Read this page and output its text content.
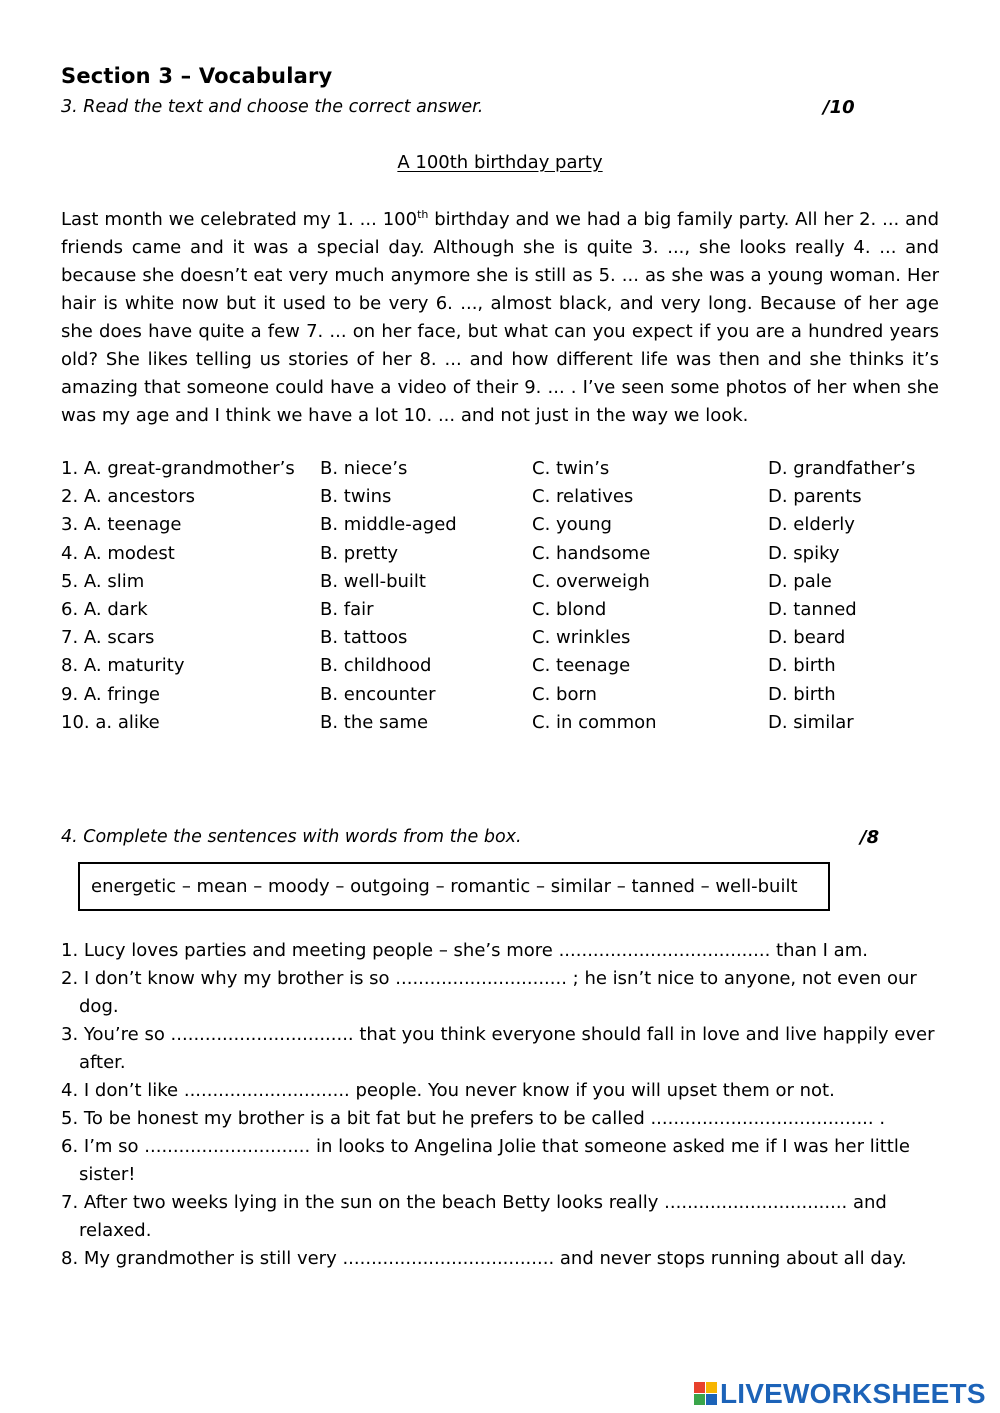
Section 3 – Vocabulary
3. Read the text and choose the correct answer.	/10
A 100th birthday party
Last month we celebrated my 1. ... 100th birthday and we had a big family party. All her 2. ... and friends came and it was a special day. Although she is quite 3. ..., she looks really 4. ... and because she doesn’t eat very much anymore she is still as 5. ... as she was a young woman. Her hair is white now but it used to be very 6. ..., almost black, and very long. Because of her age she does have quite a few 7. ... on her face, but what can you expect if you are a hundred years old? She likes telling us stories of her 8. ... and how different life was then and she thinks it’s amazing that someone could have a video of their 9. ... . I’ve seen some photos of her when she was my age and I think we have a lot 10. ... and not just in the way we look.
1. A. great-grandmother’s B. niece’s	C. twin’s	D. grandfather’s
2. A. ancestors	B. twins	C. relatives	D. parents
3. A. teenage	B. middle-aged	C. young	D. elderly
4. A. modest	B. pretty	C. handsome	D. spiky
5. A. slim	B. well-built	C. overweigh	D. pale
6. A. dark	B. fair	C. blond	D. tanned
7. A. scars	B. tattoos	C. wrinkles	D. beard
8. A. maturity	B. childhood	C. teenage	D. birth
9. A. fringe	B. encounter	C. born	D. birth
10. a. alike	B. the same	C. in common	D. similar
4. Complete the sentences with words from the box.	/8
energetic – mean – moody – outgoing – romantic – similar – tanned – well-built
1. Lucy loves parties and meeting people – she’s more ..................................... than I am.
2. I don’t know why my brother is so .............................. ; he isn’t nice to anyone, not even our dog.
3. You’re so ................................ that you think everyone should fall in love and live happily ever after.
4. I don’t like ............................. people. You never know if you will upset them or not.
5. To be honest my brother is a bit fat but he prefers to be called ....................................... .
6. I’m so ............................. in looks to Angelina Jolie that someone asked me if I was her little sister!
7. After two weeks lying in the sun on the beach Betty looks really ................................ and relaxed.
8. My grandmother is still very ..................................... and never stops running about all day.
LIVEWORKSHEETS
